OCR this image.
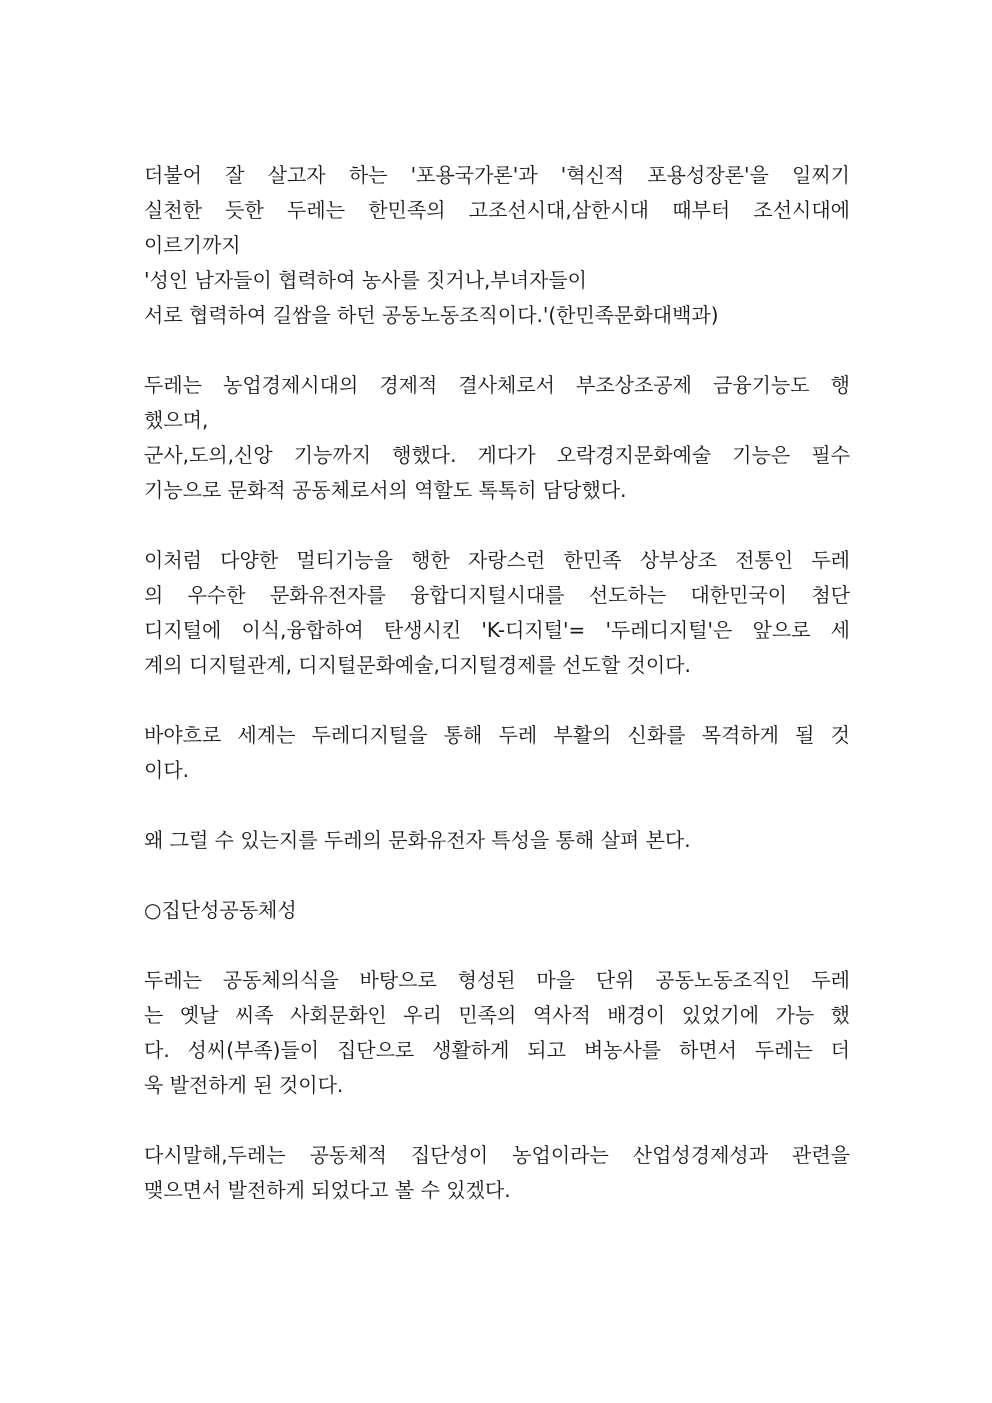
더불어 잘 살고자 하는 '포용국가론'과 '혁신적 포용성장론'을 일찌기
실천한 듯한 두레는 한민족의 고조선시대,삼한시대 때부터 조선시대에
이르기까지
'성인 남자들이 협력하여 농사를 짓거나,부녀자들이
서로 협력하여 길쌈을 하던 공동노동조직이다.'(한민족문화대백과)

두레는 농업경제시대의 경제적 결사체로서 부조상조공제 금융기능도 행
했으며,
군사,도의,신앙 기능까지 행했다. 게다가 오락경지문화예술 기능은 필수
기능으로 문화적 공동체로서의 역할도 톡톡히 담당했다.

이처럼 다양한 멀티기능을 행한 자랑스런 한민족 상부상조 전통인 두레
의 우수한 문화유전자를 융합디지털시대를 선도하는 대한민국이 첨단
디지털에 이식,융합하여 탄생시킨 'K-디지털'= '두레디지털'은 앞으로 세
계의 디지털관계, 디지털문화예술,디지털경제를 선도할 것이다.

바야흐로 세계는 두레디지털을 통해 두레 부활의 신화를 목격하게 될 것
이다.

왜 그럴 수 있는지를 두레의 문화유전자 특성을 통해 살펴 본다.

○집단성공동체성

두레는 공동체의식을 바탕으로 형성된 마을 단위 공동노동조직인 두레
는 옛날 씨족 사회문화인 우리 민족의 역사적 배경이 있었기에 가능 했
다. 성씨(부족)들이 집단으로 생활하게 되고 벼농사를 하면서 두레는 더
욱 발전하게 된 것이다.

다시말해,두레는 공동체적 집단성이 농업이라는 산업성경제성과 관련을
맺으면서 발전하게 되었다고 볼 수 있겠다.
